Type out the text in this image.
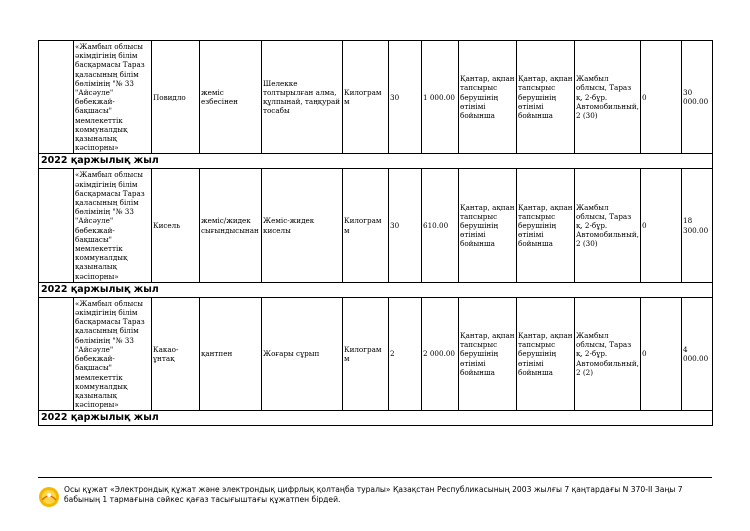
	«Жамбыл облысы әкімдігінің білім басқармасы Тараз қаласының білім бөлімінің "№ 33 "Айсәуле" бөбекжай-бақшасы" мемлекеттік коммуналдық қазыналық кәсіпорны»	Повидло	жеміс езбесінен	Шелекке толтырылған алма, құлпынай, таңқурай тосабы	Килограмм	30	1 000.00	Қантар, ақпан тапсырыс берушінің өтінімі бойынша	Қантар, ақпан тапсырыс берушінің өтінімі бойынша	Жамбыл облысы, Тараз қ, 2-бұр. Автомобильный, 2 (30)	0	30 000.00
2022 қаржылық жыл												
	«Жамбыл облысы әкімдігінің білім басқармасы Тараз қаласының білім бөлімінің "№ 33 "Айсәуле" бөбекжай-бақшасы" мемлекеттік коммуналдық қазыналық кәсіпорны»	Кисель	жеміс/жидек сығындысынан	Жеміс-жидек киселы	Килограмм	30	610.00	Қантар, ақпан тапсырыс берушінің өтінімі бойынша	Қантар, ақпан тапсырыс берушінің өтінімі бойынша	Жамбыл облысы, Тараз қ, 2-бұр. Автомобильный, 2 (30)	0	18 300.00
2022 қаржылық жыл												
	«Жамбыл облысы әкімдігінің білім басқармасы Тараз қаласының білім бөлімінің "№ 33 "Айсәуле" бөбекжай-бақшасы" мемлекеттік коммуналдық қазыналық кәсіпорны»	Какао-ұнтақ	қантпен	Жоғары сұрып	Килограмм	2	2 000.00	Қантар, ақпан тапсырыс берушінің өтінімі бойынша	Қантар, ақпан тапсырыс берушінің өтінімі бойынша	Жамбыл облысы, Тараз қ, 2-бұр. Автомобильный, 2 (2)	0	4 000.00
2022 қаржылық жыл												
Осы құжат «Электрондық құжат және электрондық цифрлық қолтаңба туралы» Қазақстан Республикасының 2003 жылғы 7 қаңтардағы N 370-II Заңы 7 бабының 1 тармағына сәйкес қағаз тасығыштағы құжатпен бірдей.
